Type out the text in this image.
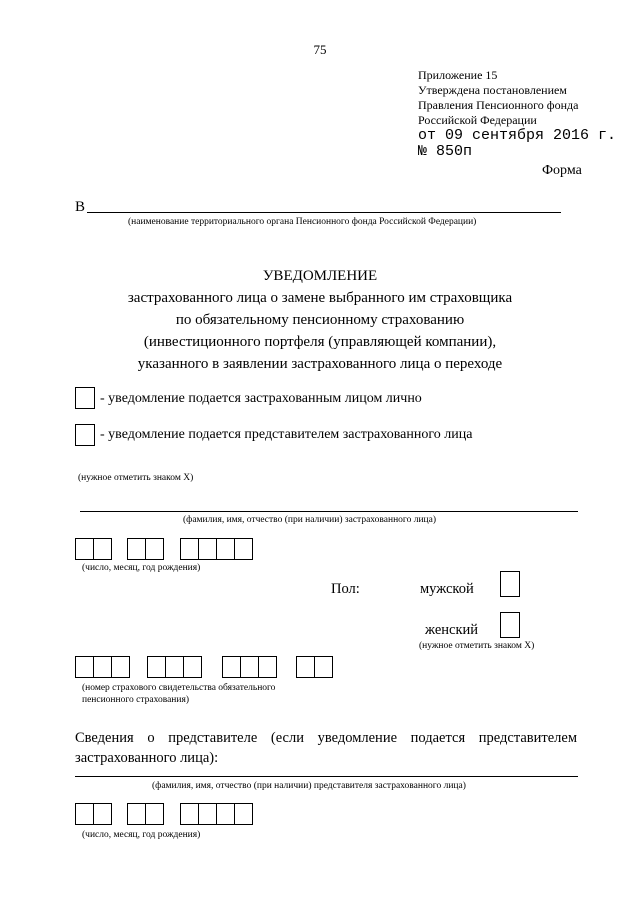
75
Приложение 15
Утверждена постановлением
Правления Пенсионного фонда
Российской Федерации
от 09 сентября 2016 г.
№ 850п
Форма
В
(наименование территориального органа Пенсионного фонда Российской Федерации)
УВЕДОМЛЕНИЕ
застрахованного лица о замене выбранного им страховщика
по обязательному пенсионному страхованию
(инвестиционного портфеля (управляющей компании),
указанного в заявлении застрахованного лица о переходе
- уведомление подается застрахованным лицом лично
- уведомление подается представителем застрахованного лица
(нужное отметить знаком Х)
(фамилия, имя, отчество (при наличии) застрахованного лица)
(число, месяц, год рождения)
Пол:	мужской
женский
(нужное отметить знаком Х)
(номер страхового свидетельства обязательного
пенсионного страхования)
Сведения о представителе (если уведомление подается представителем застрахованного лица):
(фамилия, имя, отчество (при наличии) представителя застрахованного лица)
(число, месяц, год рождения)
